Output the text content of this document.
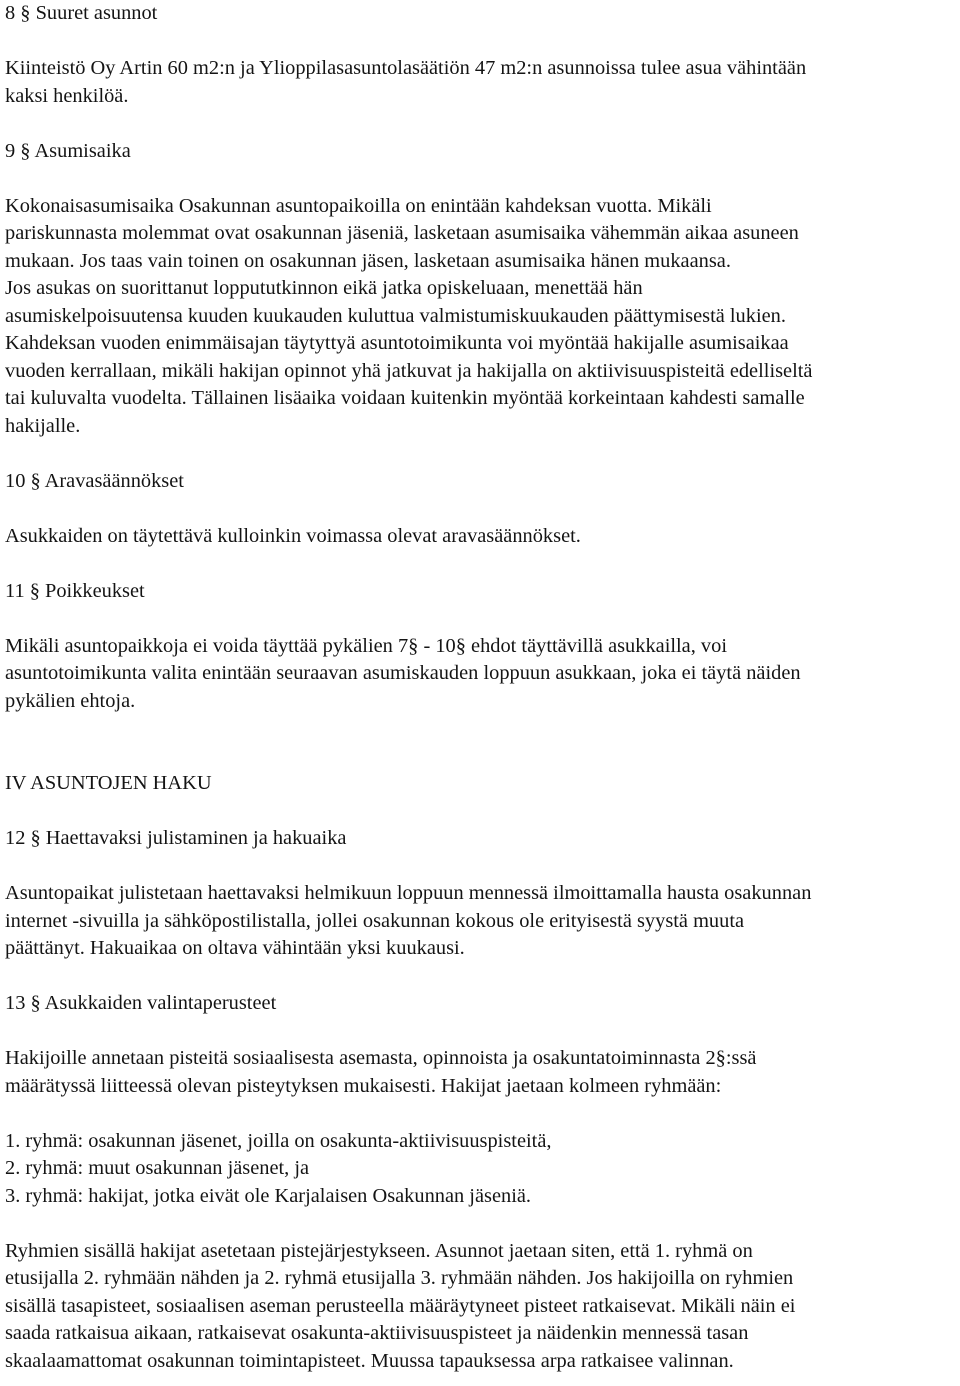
8 § Suuret asunnot

Kiinteistö Oy Artin 60 m2:n ja Ylioppilasasuntolasäätiön 47 m2:n asunnoissa tulee asua vähintään

kaksi henkilöä.

9 § Asumisaika

Kokonaisasumisaika Osakunnan asuntopaikoilla on enintään kahdeksan vuotta. Mikäli

pariskunnasta molemmat ovat osakunnan jäseniä, lasketaan asumisaika vähemmän aikaa asuneen

mukaan. Jos taas vain toinen on osakunnan jäsen, lasketaan asumisaika hänen mukaansa.

Jos asukas on suorittanut loppututkinnon eikä jatka opiskeluaan, menettää hän

asumiskelpoisuutensa kuuden kuukauden kuluttua valmistumiskuukauden päättymisestä lukien.

Kahdeksan vuoden enimmäisajan täytyttyä asuntotoimikunta voi myöntää hakijalle asumisaikaa

vuoden kerrallaan, mikäli hakijan opinnot yhä jatkuvat ja hakijalla on aktiivisuuspisteitä edelliseltä

tai kuluvalta vuodelta. Tällainen lisäaika voidaan kuitenkin myöntää korkeintaan kahdesti samalle

hakijalle.

10 § Aravasäännökset

Asukkaiden on täytettävä kulloinkin voimassa olevat aravasäännökset.

11 § Poikkeukset

Mikäli asuntopaikkoja ei voida täyttää pykälien 7§ - 10§ ehdot täyttävillä asukkailla, voi

asuntotoimikunta valita enintään seuraavan asumiskauden loppuun asukkaan, joka ei täytä näiden

pykälien ehtoja.

IV ASUNTOJEN HAKU

12 § Haettavaksi julistaminen ja hakuaika

Asuntopaikat julistetaan haettavaksi helmikuun loppuun mennessä ilmoittamalla hausta osakunnan

internet -sivuilla ja sähköpostilistalla, jollei osakunnan kokous ole erityisestä syystä muuta

päättänyt. Hakuaikaa on oltava vähintään yksi kuukausi.

13 § Asukkaiden valintaperusteet

Hakijoille annetaan pisteitä sosiaalisesta asemasta, opinnoista ja osakuntatoiminnasta 2§:ssä

määrätyssä liitteessä olevan pisteytyksen mukaisesti. Hakijat jaetaan kolmeen ryhmään:

1. ryhmä: osakunnan jäsenet, joilla on osakunta-aktiivisuuspisteitä,

2. ryhmä: muut osakunnan jäsenet, ja

3. ryhmä: hakijat, jotka eivät ole Karjalaisen Osakunnan jäseniä.

Ryhmien sisällä hakijat asetetaan pistejärjestykseen. Asunnot jaetaan siten, että 1. ryhmä on

etusijalla 2. ryhmään nähden ja 2. ryhmä etusijalla 3. ryhmään nähden. Jos hakijoilla on ryhmien

sisällä tasapisteet, sosiaalisen aseman perusteella määräytyneet pisteet ratkaisevat. Mikäli näin ei

saada ratkaisua aikaan, ratkaisevat osakunta-aktiivisuuspisteet ja näidenkin mennessä tasan

skaalaamattomat osakunnan toimintapisteet. Muussa tapauksessa arpa ratkaisee valinnan.
